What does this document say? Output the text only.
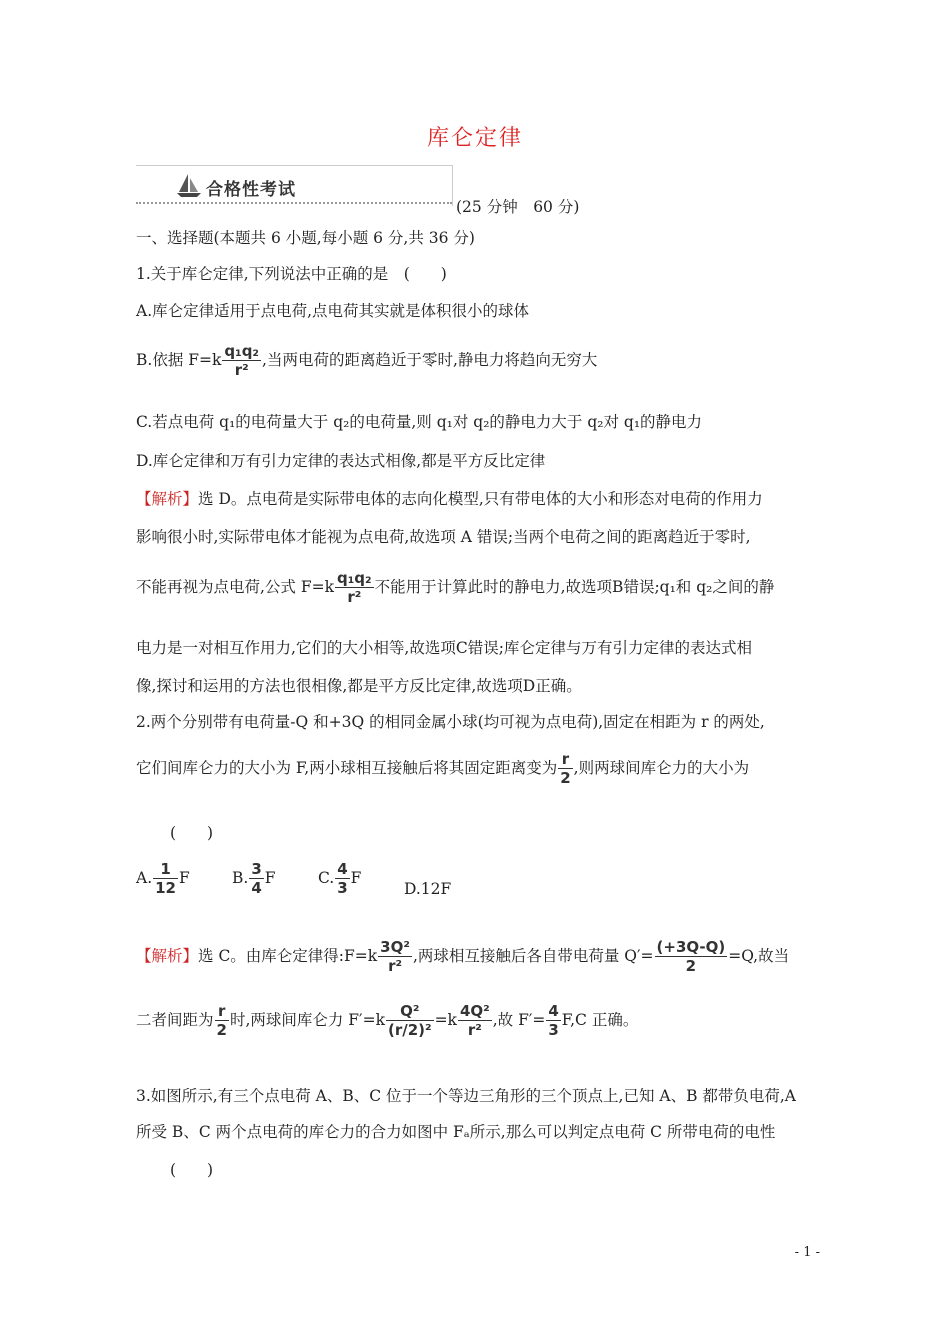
库仑定律
合格性考试
(25 分钟　60 分)
一、选择题(本题共 6 小题,每小题 6 分,共 36 分)
1.关于库仑定律,下列说法中正确的是　(　　)
A.库仑定律适用于点电荷,点电荷其实就是体积很小的球体
B.依据 $F=k \frac{\text{q₁q₂}}{\text{r²}}$ ,当两电荷的距离趋近于零时,静电力将趋向无穷大
C.若点电荷 q₁的电荷量大于 q₂的电荷量,则 q₁对 q₂的静电力大于 q₂对 q₁的静电力
D.库仑定律和万有引力定律的表达式相像,都是平方反比定律
【解析】选 D。点电荷是实际带电体的志向化模型,只有带电体的大小和形态对电荷的作用力
影响很小时,实际带电体才能视为点电荷,故选项 A 错误;当两个电荷之间的距离趋近于零时,
不能再视为点电荷,公式 $F=k \frac{\text{q₁q₂}}{\text{r²}}$ 不能用于计算此时的静电力,故选项B错误;q₁和 q₂之间的静
电力是一对相互作用力,它们的大小相等,故选项C错误;库仑定律与万有引力定律的表达式相
像,探讨和运用的方法也很相像,都是平方反比定律,故选项D正确。
2.两个分别带有电荷量-Q 和+3Q 的相同金属小球(均可视为点电荷),固定在相距为 r 的两处,
它们间库仑力的大小为 F,两小球相互接触后将其固定距离变为 $\frac{r}{2}$ ,则两球间库仑力的大小为
(　　)
A. $\frac{1}{12}$ F	B. $\frac{3}{4}$ F	C. $\frac{4}{3}$ F
D.12F
【解析】选 C。由库仑定律得:F=k $\frac{\text{3Q²}}{\text{r²}}$ ,两球相互接触后各自带电荷量 $Q'= \frac{(+3Q-Q)}{2} =Q$,故当
二者间距为 $\frac{r}{2}$ 时,两球间库仑力 $F'=k \frac{\text{Q²}}{\text{(r/2)²}} =k \frac{\text{4Q²}}{\text{r²}}$ ,故 $F'= \frac{4}{3} F,C$ 正确。
3.如图所示,有三个点电荷 A、B、C 位于一个等边三角形的三个顶点上,已知 A、B 都带负电荷,A
所受 B、C 两个点电荷的库仑力的合力如图中 Fₐ所示,那么可以判定点电荷 C 所带电荷的电性
(　　)
- 1 -
